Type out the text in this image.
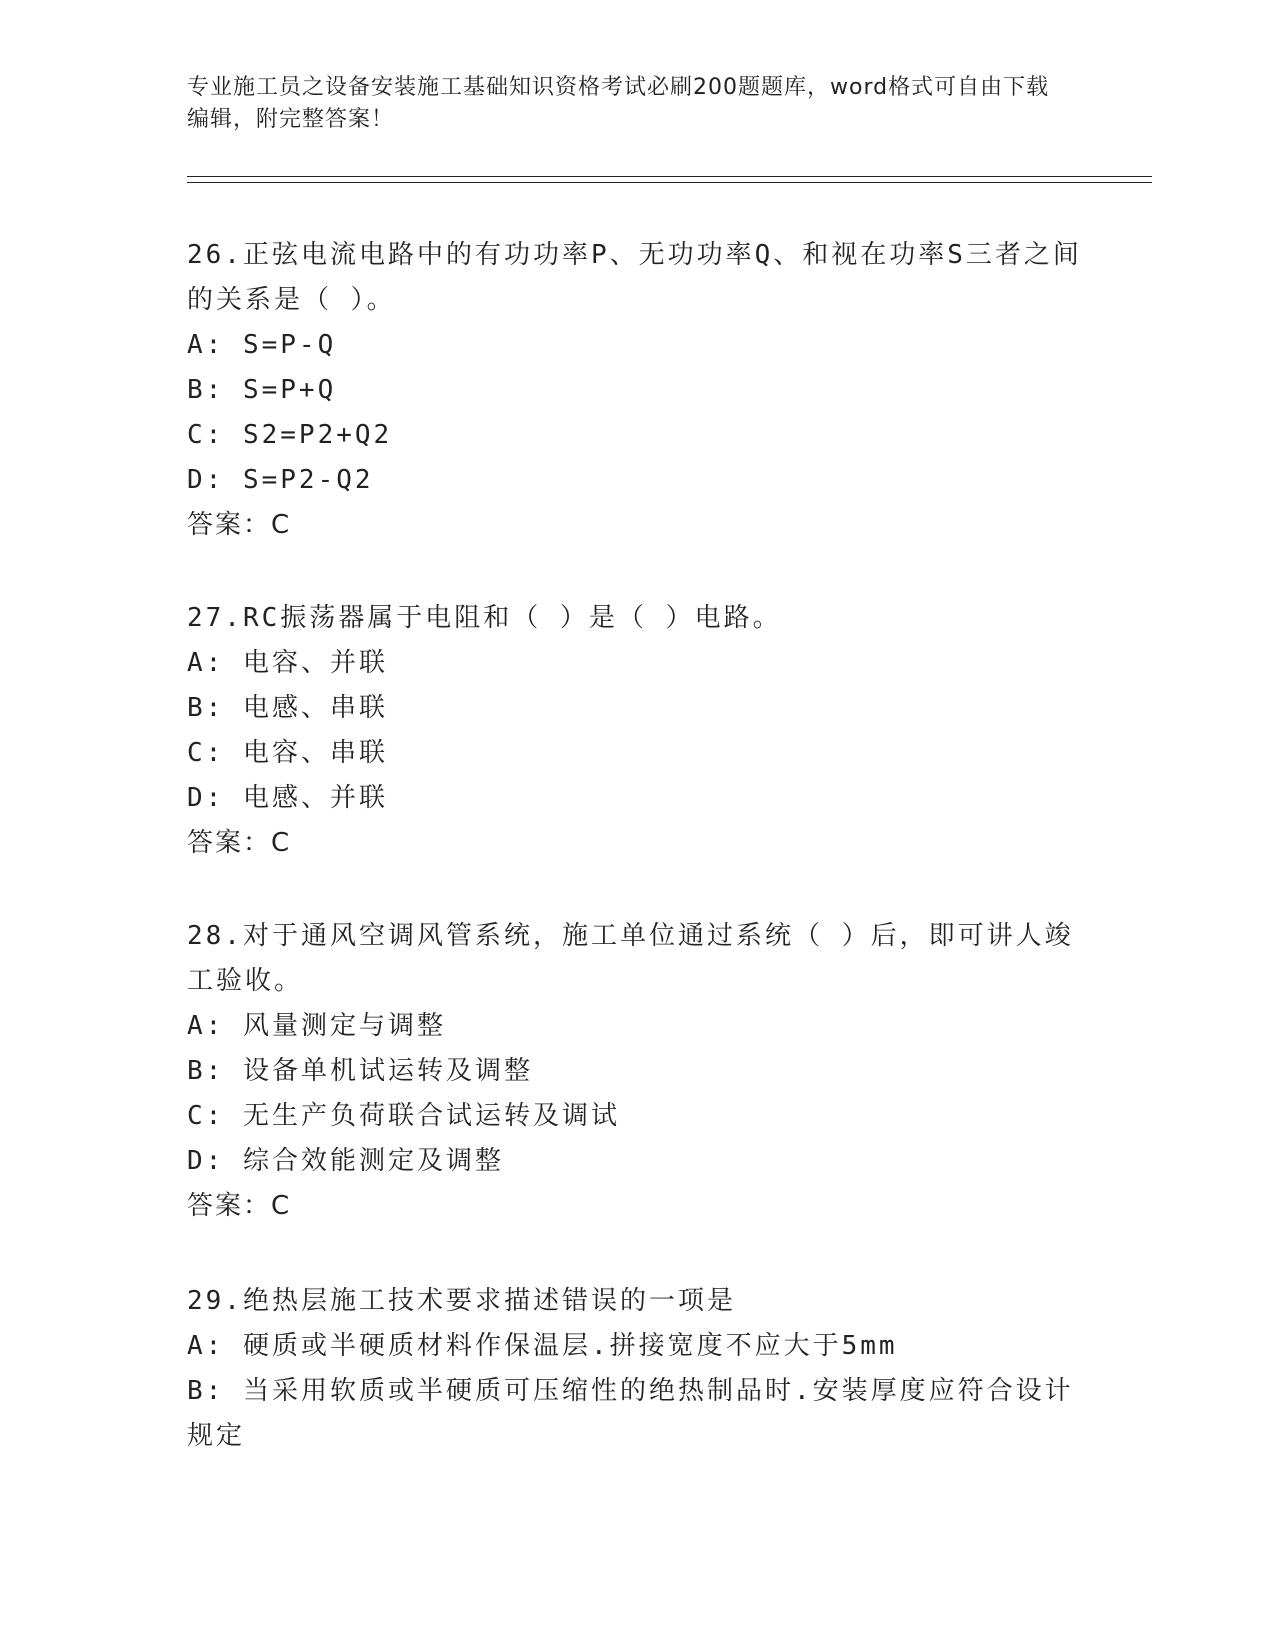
专业施工员之设备安装施工基础知识资格考试必刷200题题库，word格式可自由下载编辑，附完整答案！

26.正弦电流电路中的有功功率P、无功功率Q、和视在功率S三者之间的关系是（ ）。

A: S=P-Q

B: S=P+Q

C: S2=P2+Q2

D: S=P2-Q2

答案：C

27.RC振荡器属于电阻和（ ）是（ ）电路。

A: 电容、并联

B: 电感、串联

C: 电容、串联

D: 电感、并联

答案：C

28.对于通风空调风管系统，施工单位通过系统（ ）后，即可讲人竣工验收。

A: 风量测定与调整

B: 设备单机试运转及调整

C: 无生产负荷联合试运转及调试

D: 综合效能测定及调整

答案：C

29.绝热层施工技术要求描述错误的一项是

A: 硬质或半硬质材料作保温层.拼接宽度不应大于5mm

B: 当采用软质或半硬质可压缩性的绝热制品时.安装厚度应符合设计规定
